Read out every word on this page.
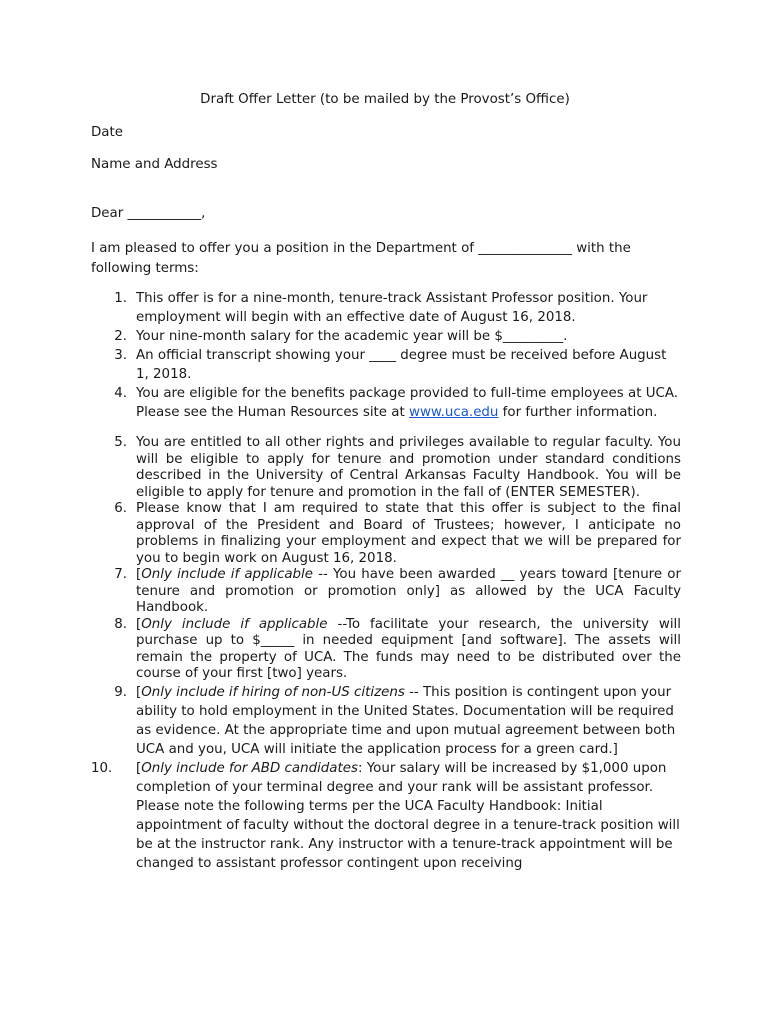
Draft Offer Letter (to be mailed by the Provost’s Office)
Date
Name and Address
Dear ___________,
I am pleased to offer you a position in the Department of ______________ with the following terms:
1. This offer is for a nine-month, tenure-track Assistant Professor position. Your employment will begin with an effective date of August 16, 2018.
2. Your nine-month salary for the academic year will be $_________.
3. An official transcript showing your ____ degree must be received before August 1, 2018.
4. You are eligible for the benefits package provided to full-time employees at UCA. Please see the Human Resources site at www.uca.edu for further information.
5. You are entitled to all other rights and privileges available to regular faculty. You will be eligible to apply for tenure and promotion under standard conditions described in the University of Central Arkansas Faculty Handbook. You will be eligible to apply for tenure and promotion in the fall of (ENTER SEMESTER).
6. Please know that I am required to state that this offer is subject to the final approval of the President and Board of Trustees; however, I anticipate no problems in finalizing your employment and expect that we will be prepared for you to begin work on August 16, 2018.
7. [Only include if applicable -- You have been awarded __ years toward [tenure or tenure and promotion or promotion only] as allowed by the UCA Faculty Handbook.
8. [Only include if applicable --To facilitate your research, the university will purchase up to $_____ in needed equipment [and software]. The assets will remain the property of UCA. The funds may need to be distributed over the course of your first [two] years.
9. [Only include if hiring of non-US citizens -- This position is contingent upon your ability to hold employment in the United States. Documentation will be required as evidence. At the appropriate time and upon mutual agreement between both UCA and you, UCA will initiate the application process for a green card.]
10.	[Only include for ABD candidates: Your salary will be increased by $1,000 upon completion of your terminal degree and your rank will be assistant professor. Please note the following terms per the UCA Faculty Handbook: Initial appointment of faculty without the doctoral degree in a tenure-track position will be at the instructor rank. Any instructor with a tenure-track appointment will be changed to assistant professor contingent upon receiving
